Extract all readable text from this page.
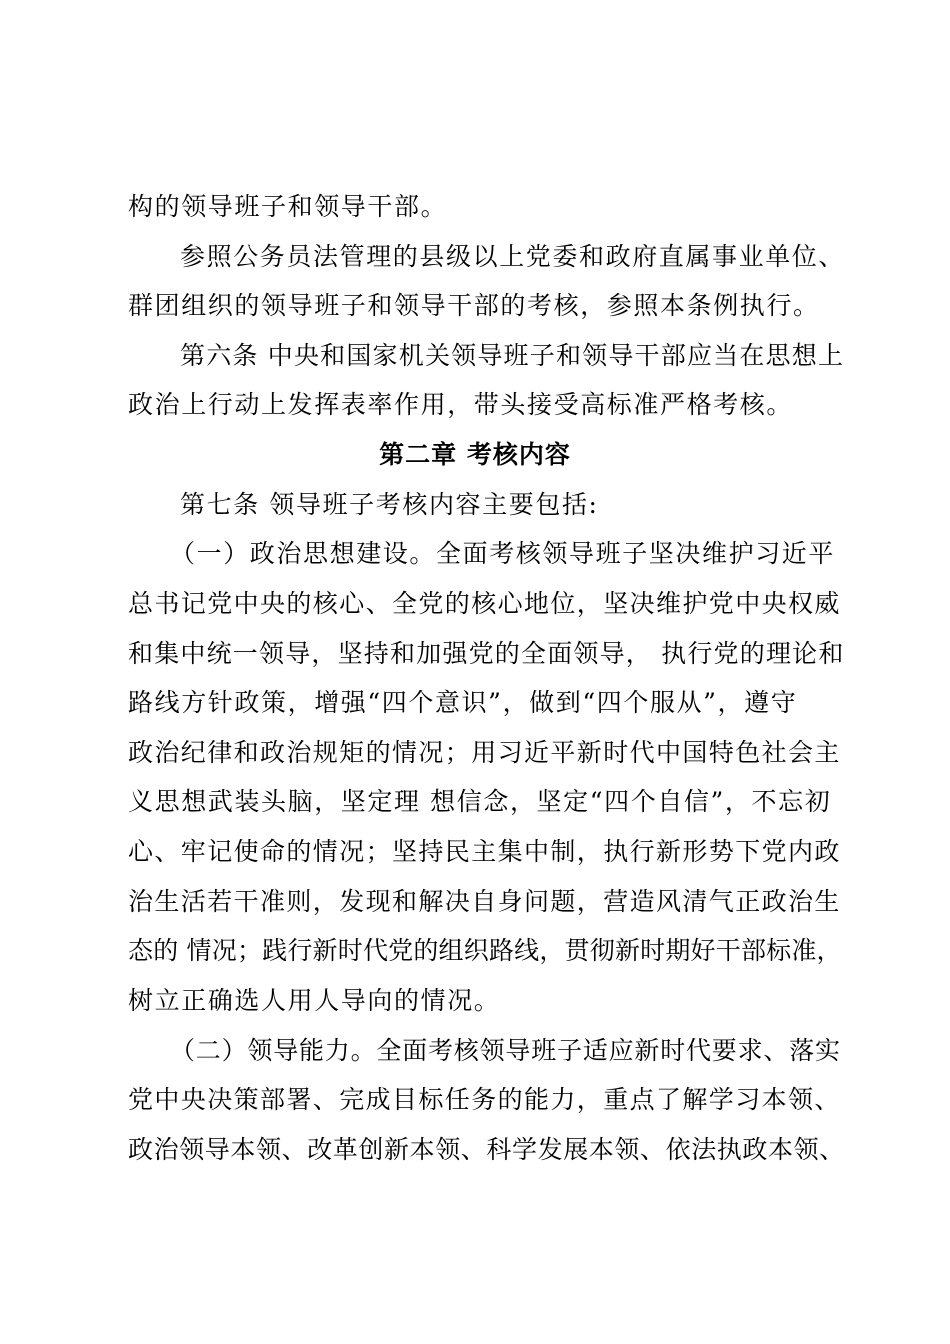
构的领导班子和领导干部。
参照公务员法管理的县级以上党委和政府直属事业单位、
群团组织的领导班子和领导干部的考核，参照本条例执行。
第六条 中央和国家机关领导班子和领导干部应当在思想上
政治上行动上发挥表率作用，带头接受高标准严格考核。
第二章 考核内容
第七条 领导班子考核内容主要包括:
（一）政治思想建设。全面考核领导班子坚决维护习近平
总书记党中央的核心、全党的核心地位，坚决维护党中央权威
和集中统一领导，坚持和加强党的全面领导， 执行党的理论和
路线方针政策，增强“四个意识”，做到“四个服从”，遵守
政治纪律和政治规矩的情况；用习近平新时代中国特色社会主
义思想武装头脑，坚定理 想信念，坚定“四个自信”，不忘初
心、牢记使命的情况；坚持民主集中制，执行新形势下党内政
治生活若干准则，发现和解决自身问题，营造风清气正政治生
态的 情况；践行新时代党的组织路线，贯彻新时期好干部标准，
树立正确选人用人导向的情况。
（二）领导能力。全面考核领导班子适应新时代要求、落实
党中央决策部署、完成目标任务的能力，重点了解学习本领、
政治领导本领、改革创新本领、科学发展本领、依法执政本领、
